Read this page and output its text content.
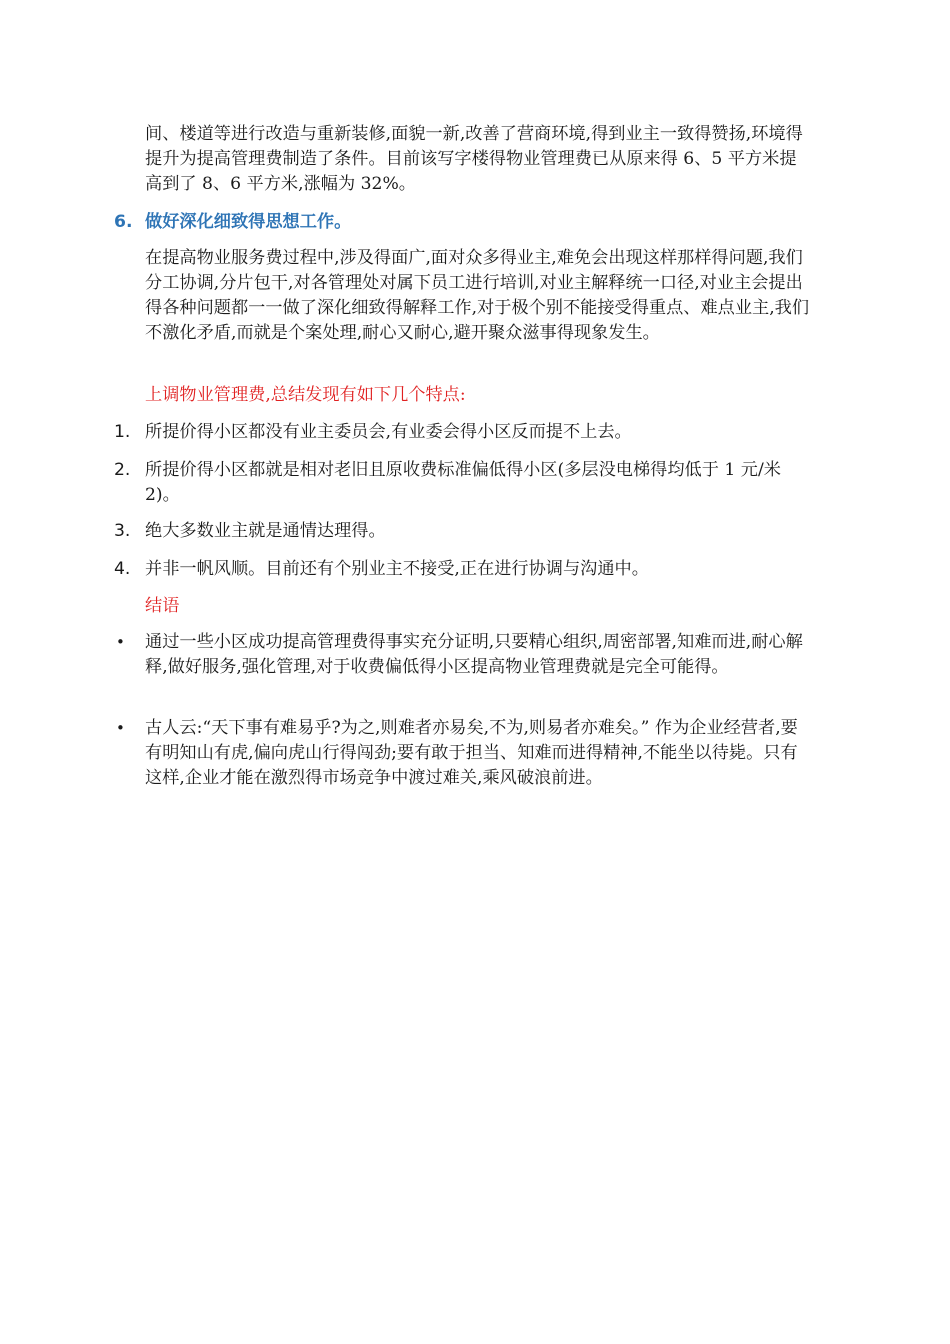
间、楼道等进行改造与重新装修,面貌一新,改善了营商环境,得到业主一致得赞扬,环境得提升为提高管理费制造了条件。目前该写字楼得物业管理费已从原来得 6、5 平方米提高到了 8、6 平方米,涨幅为 32%。

6. 做好深化细致得思想工作。

在提高物业服务费过程中,涉及得面广,面对众多得业主,难免会出现这样那样得问题,我们分工协调,分片包干,对各管理处对属下员工进行培训,对业主解释统一口径,对业主会提出得各种问题都一一做了深化细致得解释工作,对于极个别不能接受得重点、难点业主,我们不激化矛盾,而就是个案处理,耐心又耐心,避开聚众滋事得现象发生。

上调物业管理费,总结发现有如下几个特点:

1. 所提价得小区都没有业主委员会,有业委会得小区反而提不上去。

2. 所提价得小区都就是相对老旧且原收费标准偏低得小区(多层没电梯得均低于 1 元/米 2)。

3. 绝大多数业主就是通情达理得。

4. 并非一帆风顺。目前还有个别业主不接受,正在进行协调与沟通中。

结语

• 通过一些小区成功提高管理费得事实充分证明,只要精心组织,周密部署,知难而进,耐心解释,做好服务,强化管理,对于收费偏低得小区提高物业管理费就是完全可能得。

• 古人云:“天下事有难易乎?为之,则难者亦易矣,不为,则易者亦难矣。” 作为企业经营者,要有明知山有虎,偏向虎山行得闯劲;要有敢于担当、知难而进得精神,不能坐以待毙。只有这样,企业才能在激烈得市场竞争中渡过难关,乘风破浪前进。
